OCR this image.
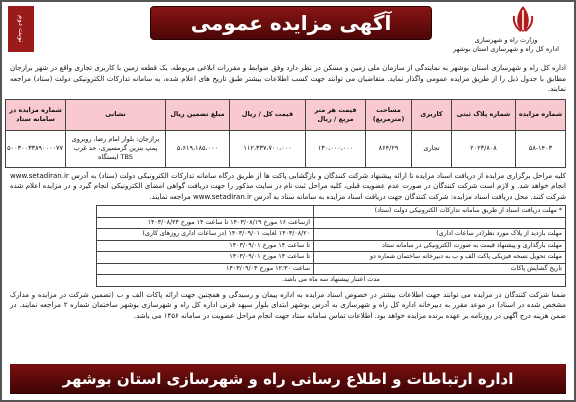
نوبت دوم	آگهی مزایده عمومی
وزارت راه و شهرسازی
اداره کل راه و شهرسازی استان بوشهر

اداره کل راه و شهرسازی استان بوشهر به نمایندگی از سازمان ملی زمین و مسکن در نظر دارد وفق ضوابط و مقررات ابلاغی مربوطه، یک قطعه زمین با کاربری تجاری واقع در شهر برازجان مطابق با جدول ذیل را از طریق مزایده عمومی واگذار نماید. متقاضیان می توانند جهت کسب اطلاعات بیشتر طبق تاریخ های اعلام شده، به سامانه تدارکات الکترونیکی دولت (ستاد) مراجعه نمایند.

شماره مزایده	شماره پلاک ثبتی	کاربری	مساحت (مترمربع)	قیمت هر متر مربع / ریال	قیمت کل / ریال	مبلغ تضمین ریال	نشانی	شماره مزایده در سامانه ستاد
۵۸-۱۴۰۳	۲۰۲۳/۸۰۸	تجاری	۸۶۴/۲۹	۱۳۰،۰۰۰،۰۰۰	۱۱۲،۳۳۷،۷۰۰،۰۰۰	۵،۶۱۹،۱۸۵،۰۰۰	برازجان: بلوار امام رضا، روبروی پمپ بنزین گرمسیری، حد غرب TBS ایستگاه	۵۰۰۳۰۰۳۳۸۹۰۰۰۰۷۷

کلیه مراحل برگزاری مزایده از دریافت اسناد مزایده تا ارائه پیشنهاد شرکت کنندگان و بازگشایی پاکت ها از طریق درگاه سامانه تدارکات الکترونیکی دولت (ستاد) به آدرس www.setadiran.ir انجام خواهد شد. و لازم است شرکت کنندگان در صورت عدم عضویت قبلی، کلیه مراحل ثبت نام در سایت مذکور را جهت دریافت گواهی امضای الکترونیکی انجام گیرد و در مزایده اعلام شده شرکت کنند. محل دریافت اسناد مزایده: شرکت کنندگان جهت دریافت اسناد مزایده به سامانه ستاد به آدرس www.setadiran.ir مراجعه نمایند.

* مهلت دریافت اسناد از طریق سامانه تدارکات الکترونیکی دولت (ستاد)	
	ازساعت ۱۶ مورخ ۱۴۰۳/۰۸/۱۹ تا ساعت ۱۴ مورخ ۱۴۰۳/۰۸/۲۴
مهلت بازدید از پلاک مورد نظر(در ساعات اداری)	۱۴۰۳/۰۸/۲۰ لغایت ۱۴۰۳/۰۹/۰۱ (در ساعات اداری روزهای کاری)
مهلت بارگذاری و پیشنهاد قیمت به صورت الکترونیکی در سامانه ستاد	تا ساعت ۱۴ مورخ ۱۴۰۳/۰۹/۰۱
مهلت تحویل نسخه فیزیکی پاکت الف و ب به دبیرخانه ساختمان شماره دو	تا ساعت ۱۴ مورخ ۱۴۰۳/۰۹/۰۱
تاریخ گشایش پاکات	ساعت ۱۲:۳۰ مورخ ۱۴۰۳/۰۹/۰۳
مدت اعتبار پیشنهاد سه ماه می باشد.	

ضمنا شرکت کنندگان در مزایده می توانند جهت اطلاعات بیشتر در خصوص اسناد مزایده به اداره پیمان و رسیدگی و همچنین جهت ارائه پاکات الف و ب (تضمین شرکت در مزایده و مدارک مشخص شده در اسناد) در موعد مقرر به دبیرخانه اداره کل راه و شهرسازی به آدرس بوشهر ابتدای بلوار سپهد قرنی اداره کل راه و شهرسازی بوشهر ساختمان شماره ۲ مراجعه نمایند. در ضمن هزینه درج آگهی در روزنامه بر عهده برنده مزایده خواهد بود. اطلاعات تماس سامانه ستاد جهت انجام مراحل عضویت در سامانه ۱۴۵۶ می باشد.

اداره ارتباطات و اطلاع رسانی راه و شهرسازی استان بوشهر
